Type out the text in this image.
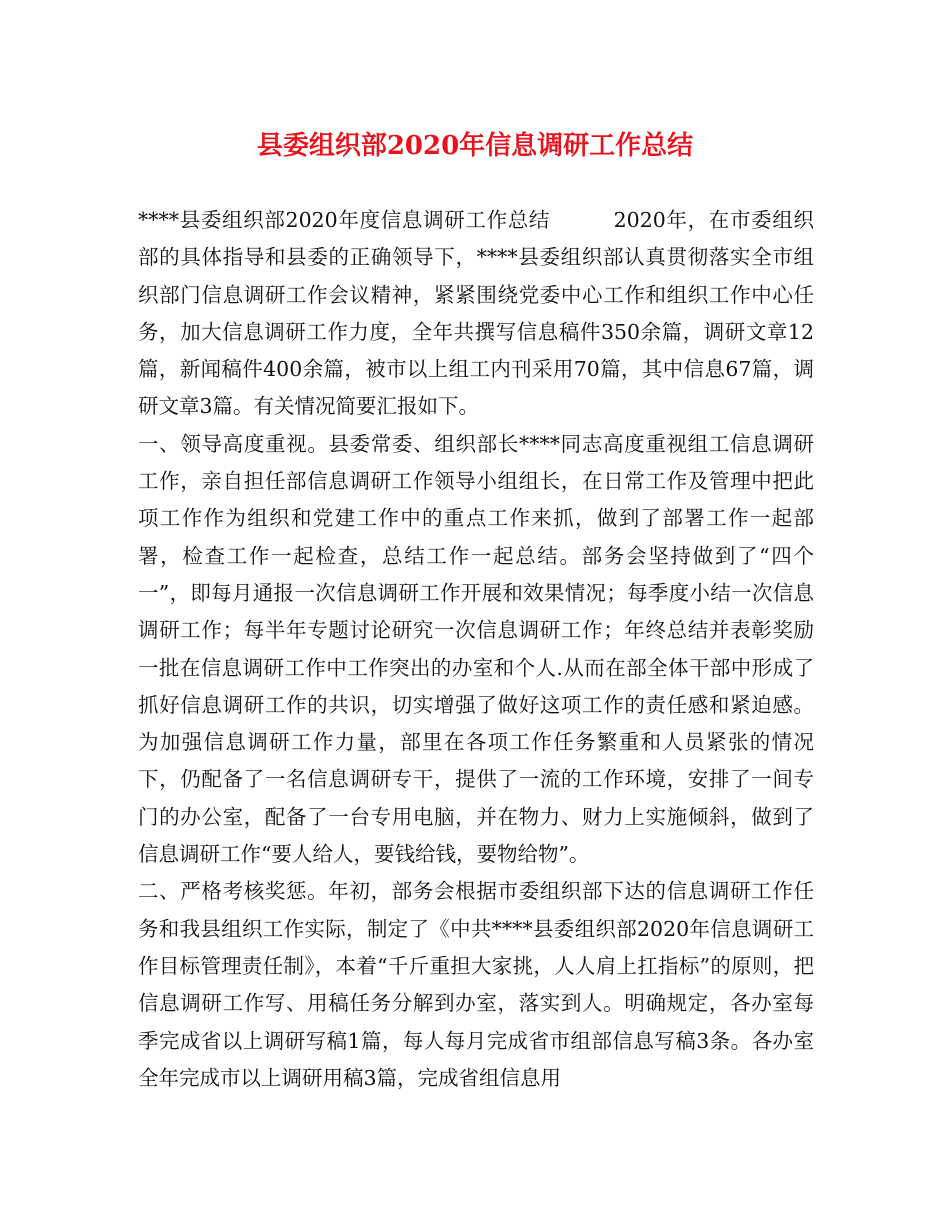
县委组织部2020年信息调研工作总结

****县委组织部2020年度信息调研工作总结　　　2020年，在市委组织部的具体指导和县委的正确领导下，****县委组织部认真贯彻落实全市组织部门信息调研工作会议精神，紧紧围绕党委中心工作和组织工作中心任务，加大信息调研工作力度，全年共撰写信息稿件350余篇，调研文章12篇，新闻稿件400余篇，被市以上组工内刊采用70篇，其中信息67篇，调研文章3篇。有关情况简要汇报如下。

一、领导高度重视。县委常委、组织部长****同志高度重视组工信息调研工作，亲自担任部信息调研工作领导小组组长，在日常工作及管理中把此项工作作为组织和党建工作中的重点工作来抓，做到了部署工作一起部署，检查工作一起检查，总结工作一起总结。部务会坚持做到了“四个一”，即每月通报一次信息调研工作开展和效果情况；每季度小结一次信息调研工作；每半年专题讨论研究一次信息调研工作；年终总结并表彰奖励一批在信息调研工作中工作突出的办室和个人.从而在部全体干部中形成了抓好信息调研工作的共识，切实增强了做好这项工作的责任感和紧迫感。为加强信息调研工作力量，部里在各项工作任务繁重和人员紧张的情况下，仍配备了一名信息调研专干，提供了一流的工作环境，安排了一间专门的办公室，配备了一台专用电脑，并在物力、财力上实施倾斜，做到了信息调研工作“要人给人，要钱给钱，要物给物”。

二、严格考核奖惩。年初，部务会根据市委组织部下达的信息调研工作任务和我县组织工作实际，制定了《中共****县委组织部2020年信息调研工作目标管理责任制》，本着“千斤重担大家挑，人人肩上扛指标”的原则，把信息调研工作写、用稿任务分解到办室，落实到人。明确规定，各办室每季完成省以上调研写稿1篇，每人每月完成省市组部信息写稿3条。各办室全年完成市以上调研用稿3篇，完成省组信息用
